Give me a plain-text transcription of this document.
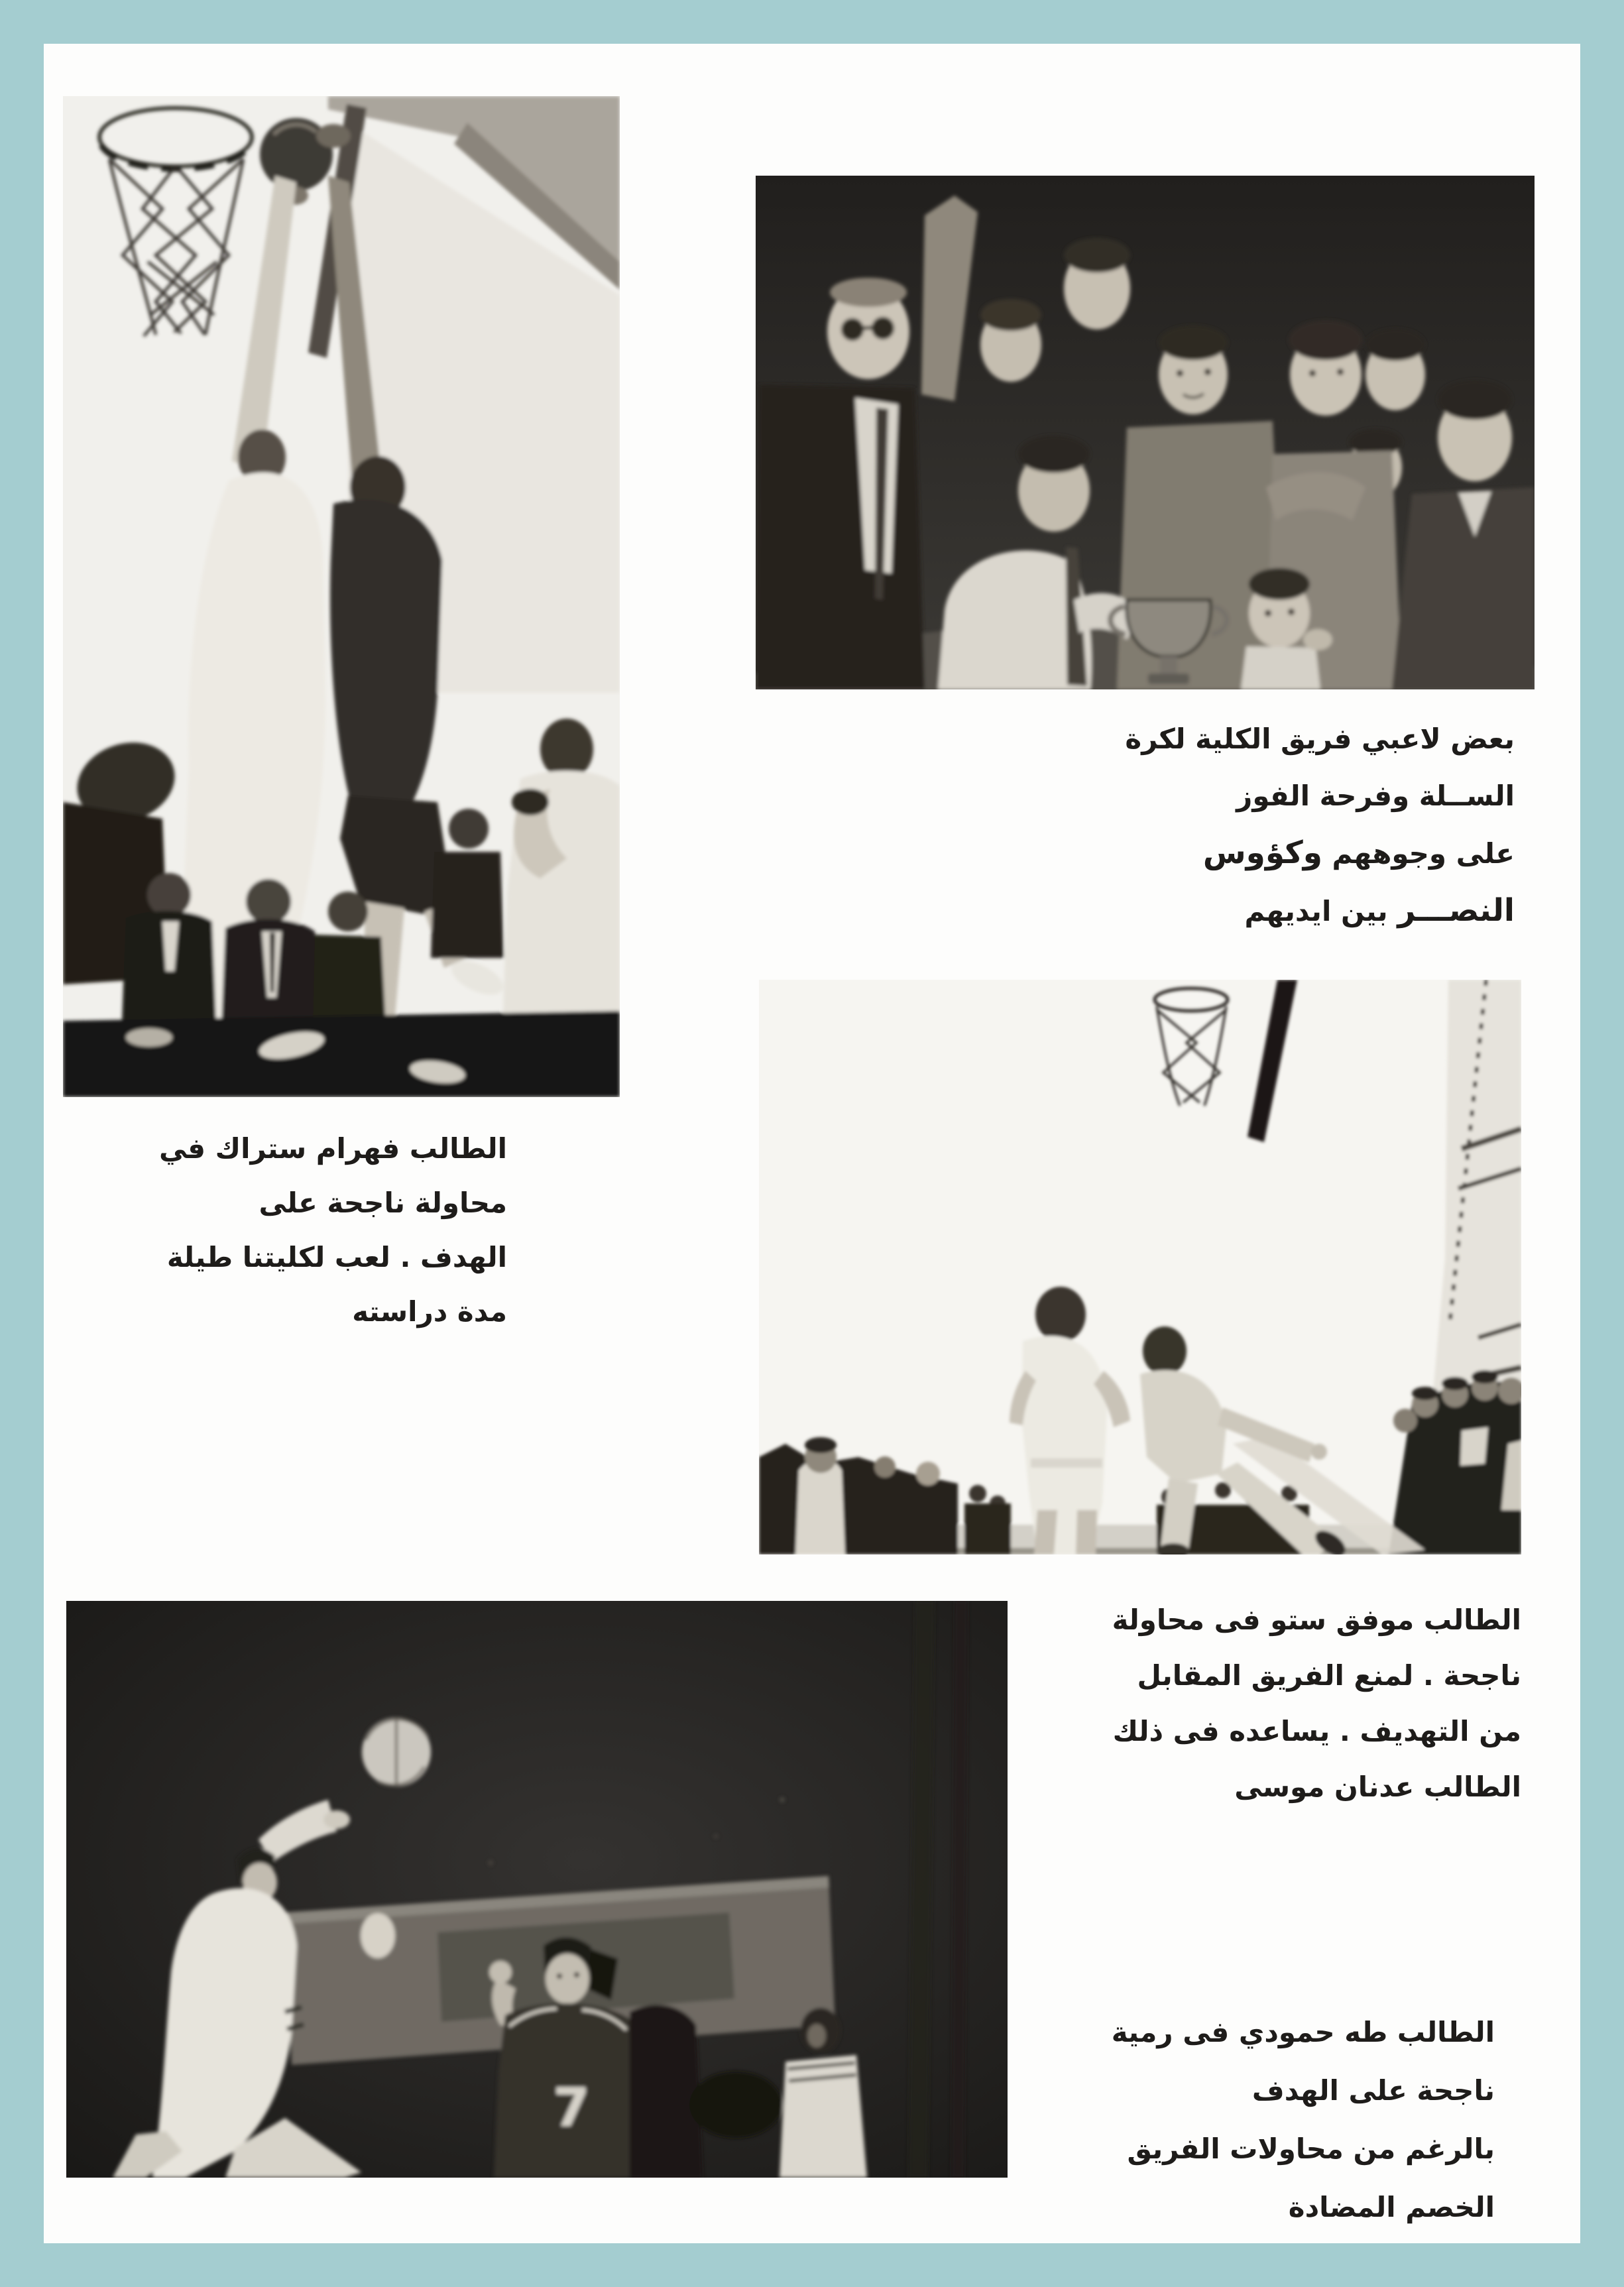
7
بعض لاعبي فريق الكلية لكرة الســلة وفرحة الفوز
على وجوههم وكؤوس النصـــر بين ايديهم
الطالب فهرام ستراك في محاولة ناجحة على
الهدف . لعب لكليتنا طيلة مدة دراسته
الطالب موفق ستو فى محاولة ناجحة . لمنع الفريق المقابل
من التهديف . يساعده فى ذلك الطالب عدنان موسى
الطالب طه حمودي فى رمية ناجحة على الهدف
بالرغم من محاولات الفريق الخصم المضادة
